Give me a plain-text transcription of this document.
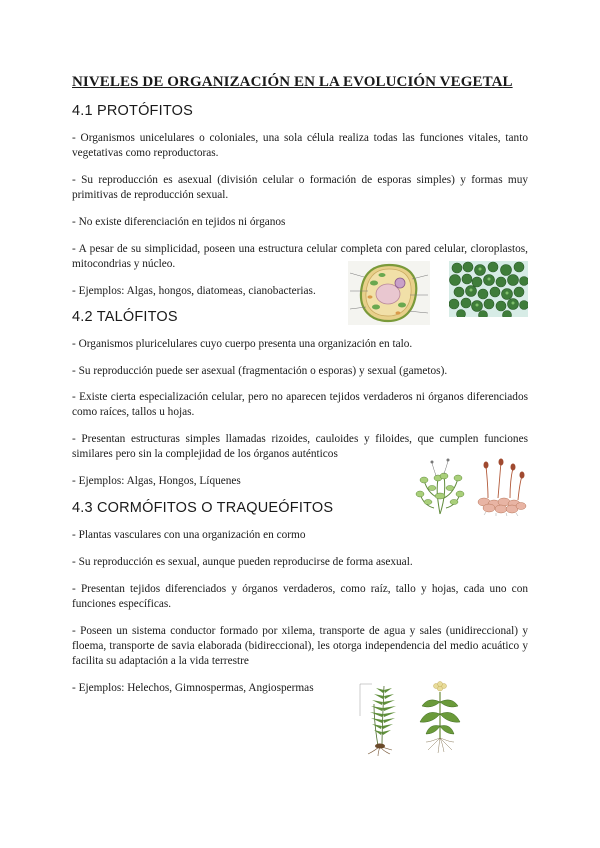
NIVELES DE ORGANIZACIÓN EN LA EVOLUCIÓN VEGETAL
4.1 PROTÓFITOS

- Organismos unicelulares o coloniales, una sola célula realiza todas las funciones vitales, tanto vegetativas como reproductoras.

- Su reproducción es asexual (división celular o formación de esporas simples) y formas muy primitivas de reproducción sexual.

- No existe diferenciación en tejidos ni órganos

- A pesar de su simplicidad, poseen una estructura celular completa con pared celular, cloroplastos, mitocondrias y núcleo.

- Ejemplos: Algas, hongos, diatomeas, cianobacterias.

4.2 TALÓFITOS

- Organismos pluricelulares cuyo cuerpo presenta una organización en talo.

- Su reproducción puede ser asexual (fragmentación o esporas) y sexual (gametos).

- Existe cierta especialización celular, pero no aparecen tejidos verdaderos ni órganos diferenciados como raíces, tallos u hojas.

- Presentan estructuras simples llamadas rizoides, cauloides y filoides, que cumplen funciones similares pero sin la complejidad de los órganos auténticos

- Ejemplos: Algas, Hongos, Líquenes

4.3 CORMÓFITOS O TRAQUEÓFITOS

- Plantas vasculares con una organización en cormo

- Su reproducción es sexual, aunque pueden reproducirse de forma asexual.

- Presentan tejidos diferenciados y órganos verdaderos, como raíz, tallo y hojas, cada uno con funciones específicas.

- Poseen un sistema conductor formado por xilema, transporte de agua y sales (unidireccional) y floema, transporte de savia elaborada (bidireccional), les otorga independencia del medio acuático y facilita su adaptación a la vida terrestre

- Ejemplos: Helechos, Gimnospermas, Angiospermas
